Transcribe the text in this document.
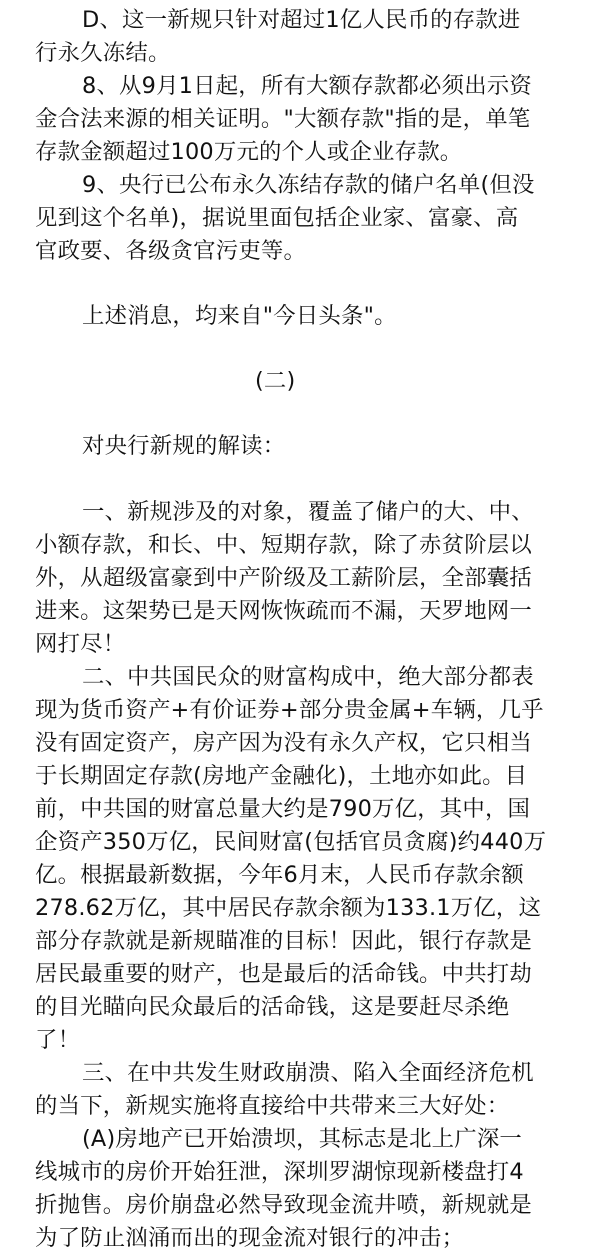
D、这一新规只针对超过1亿人民币的存款进

行永久冻结。

8、从9月1日起，所有大额存款都必须出示资

金合法来源的相关证明。"大额存款"指的是，单笔

存款金额超过100万元的个人或企业存款。

9、央行已公布永久冻结存款的储户名单(但没

见到这个名单)，据说里面包括企业家、富豪、高

官政要、各级贪官污吏等。

上述消息，均来自"今日头条"。

(二)

对央行新规的解读：

一、新规涉及的对象，覆盖了储户的大、中、

小额存款，和长、中、短期存款，除了赤贫阶层以

外，从超级富豪到中产阶级及工薪阶层，全部囊括

进来。这架势已是天网恢恢疏而不漏，天罗地网一

网打尽！

二、中共国民众的财富构成中，绝大部分都表

现为货币资产+有价证券+部分贵金属+车辆，几乎

没有固定资产，房产因为没有永久产权，它只相当

于长期固定存款(房地产金融化)，土地亦如此。目

前，中共国的财富总量大约是790万亿，其中，国

企资产350万亿，民间财富(包括官员贪腐)约440万

亿。根据最新数据，今年6月末，人民币存款余额

278.62万亿，其中居民存款余额为133.1万亿，这

部分存款就是新规瞄准的目标！因此，银行存款是

居民最重要的财产，也是最后的活命钱。中共打劫

的目光瞄向民众最后的活命钱，这是要赶尽杀绝

了！

三、在中共发生财政崩溃、陷入全面经济危机

的当下，新规实施将直接给中共带来三大好处：

(A)房地产已开始溃坝，其标志是北上广深一

线城市的房价开始狂泄，深圳罗湖惊现新楼盘打4

折抛售。房价崩盘必然导致现金流井喷，新规就是

为了防止汹涌而出的现金流对银行的冲击；
